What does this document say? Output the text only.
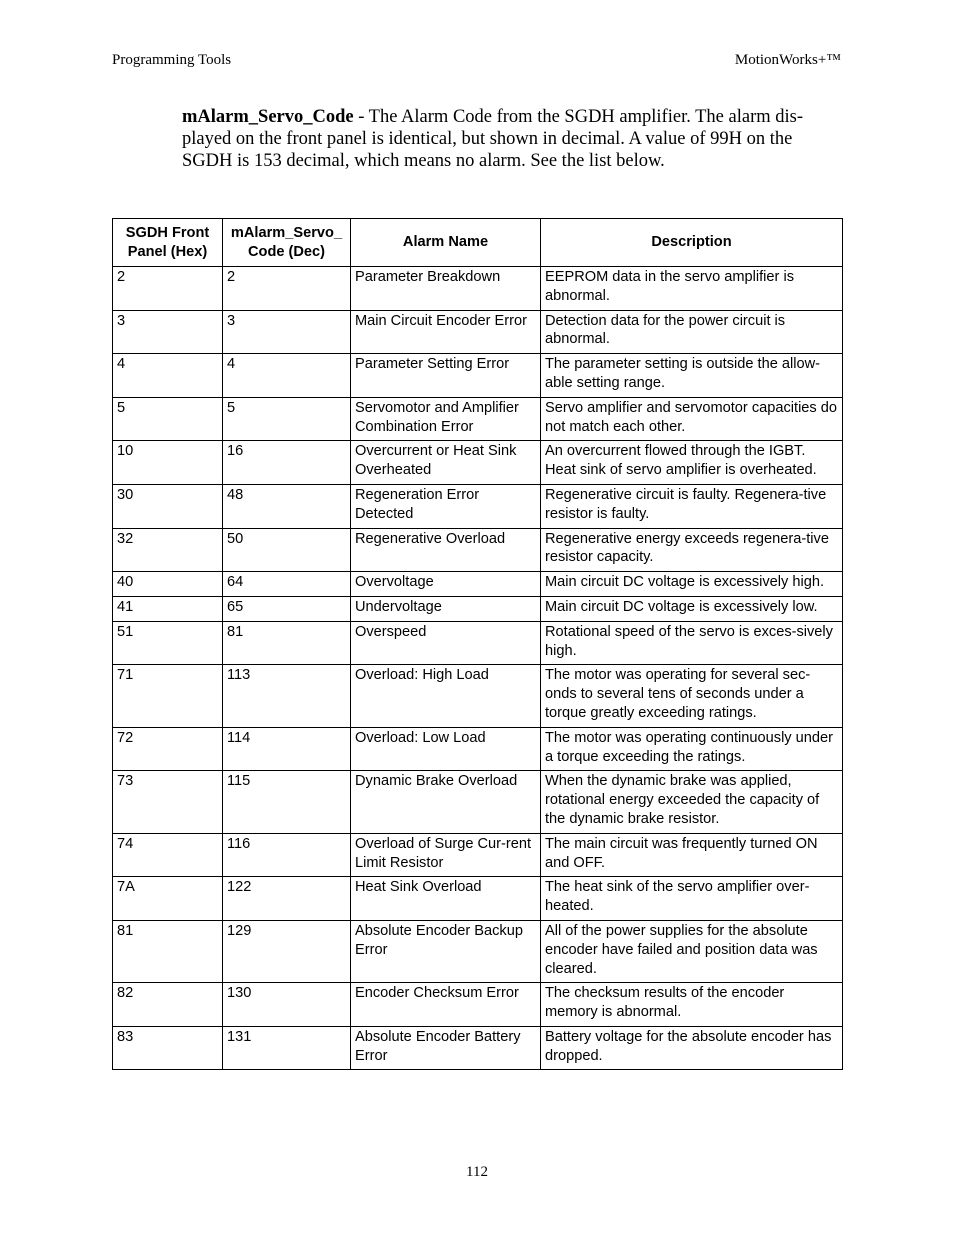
Programming Tools	MotionWorks+™
mAlarm_Servo_Code - The Alarm Code from the SGDH amplifier. The alarm dis- played on the front panel is identical, but shown in decimal. A value of 99H on the SGDH is 153 decimal, which means no alarm. See the list below.
SGDH Front Panel (Hex)	mAlarm_Servo_ Code (Dec)	Alarm Name	Description
2	2	Parameter Breakdown	EEPROM data in the servo amplifier is abnormal.
3	3	Main Circuit Encoder Error	Detection data for the power circuit is abnormal.
4	4	Parameter Setting Error	The parameter setting is outside the allow-able setting range.
5	5	Servomotor and Amplifier Combination Error	Servo amplifier and servomotor capacities do not match each other.
10	16	Overcurrent or Heat Sink Overheated	An overcurrent flowed through the IGBT. Heat sink of servo amplifier is overheated.
30	48	Regeneration Error Detected	Regenerative circuit is faulty. Regenera-tive resistor is faulty.
32	50	Regenerative Overload	Regenerative energy exceeds regenera-tive resistor capacity.
40	64	Overvoltage	Main circuit DC voltage is excessively high.
41	65	Undervoltage	Main circuit DC voltage is excessively low.
51	81	Overspeed	Rotational speed of the servo is exces-sively high.
71	113	Overload: High Load	The motor was operating for several sec-onds to several tens of seconds under a torque greatly exceeding ratings.
72	114	Overload: Low Load	The motor was operating continuously under a torque exceeding the ratings.
73	115	Dynamic Brake Overload	When the dynamic brake was applied, rotational energy exceeded the capacity of the dynamic brake resistor.
74	116	Overload of Surge Cur-rent Limit Resistor	The main circuit was frequently turned ON and OFF.
7A	122	Heat Sink Overload	The heat sink of the servo amplifier over-heated.
81	129	Absolute Encoder Backup Error	All of the power supplies for the absolute encoder have failed and position data was cleared.
82	130	Encoder Checksum Error	The checksum results of the encoder memory is abnormal.
83	131	Absolute Encoder Battery Error	Battery voltage for the absolute encoder has dropped.
112
